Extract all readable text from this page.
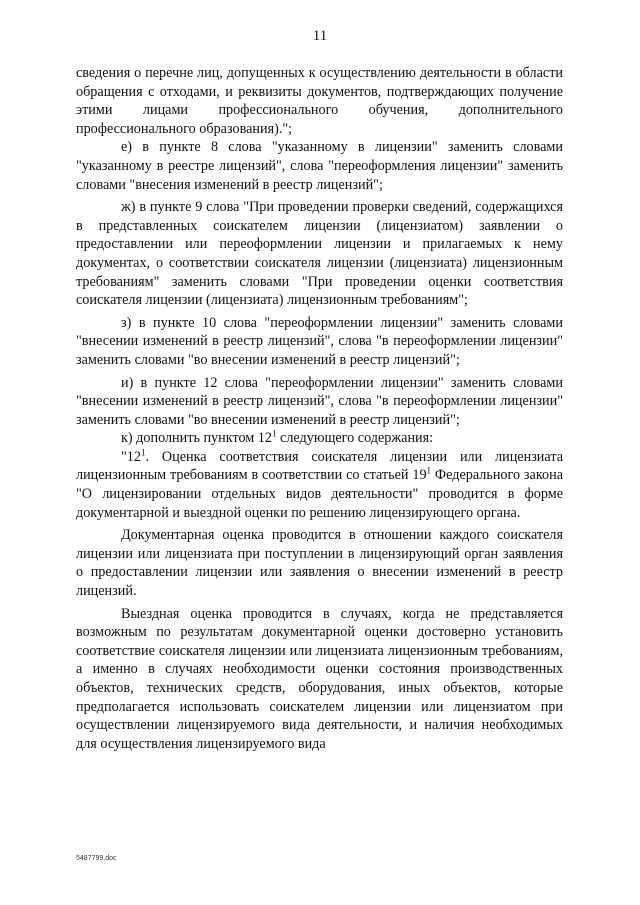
11

сведения о перечне лиц, допущенных к осуществлению деятельности в области обращения с отходами, и реквизиты документов, подтверждающих получение этими лицами профессионального обучения, дополнительного профессионального образования).";

е) в пункте 8 слова "указанному в лицензии" заменить словами "указанному в реестре лицензий", слова "переоформления лицензии" заменить словами "внесения изменений в реестр лицензий";

ж) в пункте 9 слова "При проведении проверки сведений, содержащихся в представленных соискателем лицензии (лицензиатом) заявлении о предоставлении или переоформлении лицензии и прилагаемых к нему документах, о соответствии соискателя лицензии (лицензиата) лицензионным требованиям" заменить словами "При проведении оценки соответствия соискателя лицензии (лицензиата) лицензионным требованиям";

з) в пункте 10 слова "переоформлении лицензии" заменить словами "внесении изменений в реестр лицензий", слова "в переоформлении лицензии" заменить словами "во внесении изменений в реестр лицензий";

и) в пункте 12 слова "переоформлении лицензии" заменить словами "внесении изменений в реестр лицензий", слова "в переоформлении лицензии" заменить словами "во внесении изменений в реестр лицензий";

к) дополнить пунктом $12^1$ следующего содержания:

"$12^1$. Оценка соответствия соискателя лицензии или лицензиата лицензионным требованиям в соответствии со статьей $19^1$ Федерального закона "О лицензировании отдельных видов деятельности" проводится в форме документарной и выездной оценки по решению лицензирующего органа.

Документарная оценка проводится в отношении каждого соискателя лицензии или лицензиата при поступлении в лицензирующий орган заявления о предоставлении лицензии или заявления о внесении изменений в реестр лицензий.

Выездная оценка проводится в случаях, когда не представляется возможным по результатам документарной оценки достоверно установить соответствие соискателя лицензии или лицензиата лицензионным требованиям, а именно в случаях необходимости оценки состояния производственных объектов, технических средств, оборудования, иных объектов, которые предполагается использовать соискателем лицензии или лицензиатом при осуществлении лицензируемого вида деятельности, и наличия необходимых для осуществления лицензируемого вида

5487799.doc
